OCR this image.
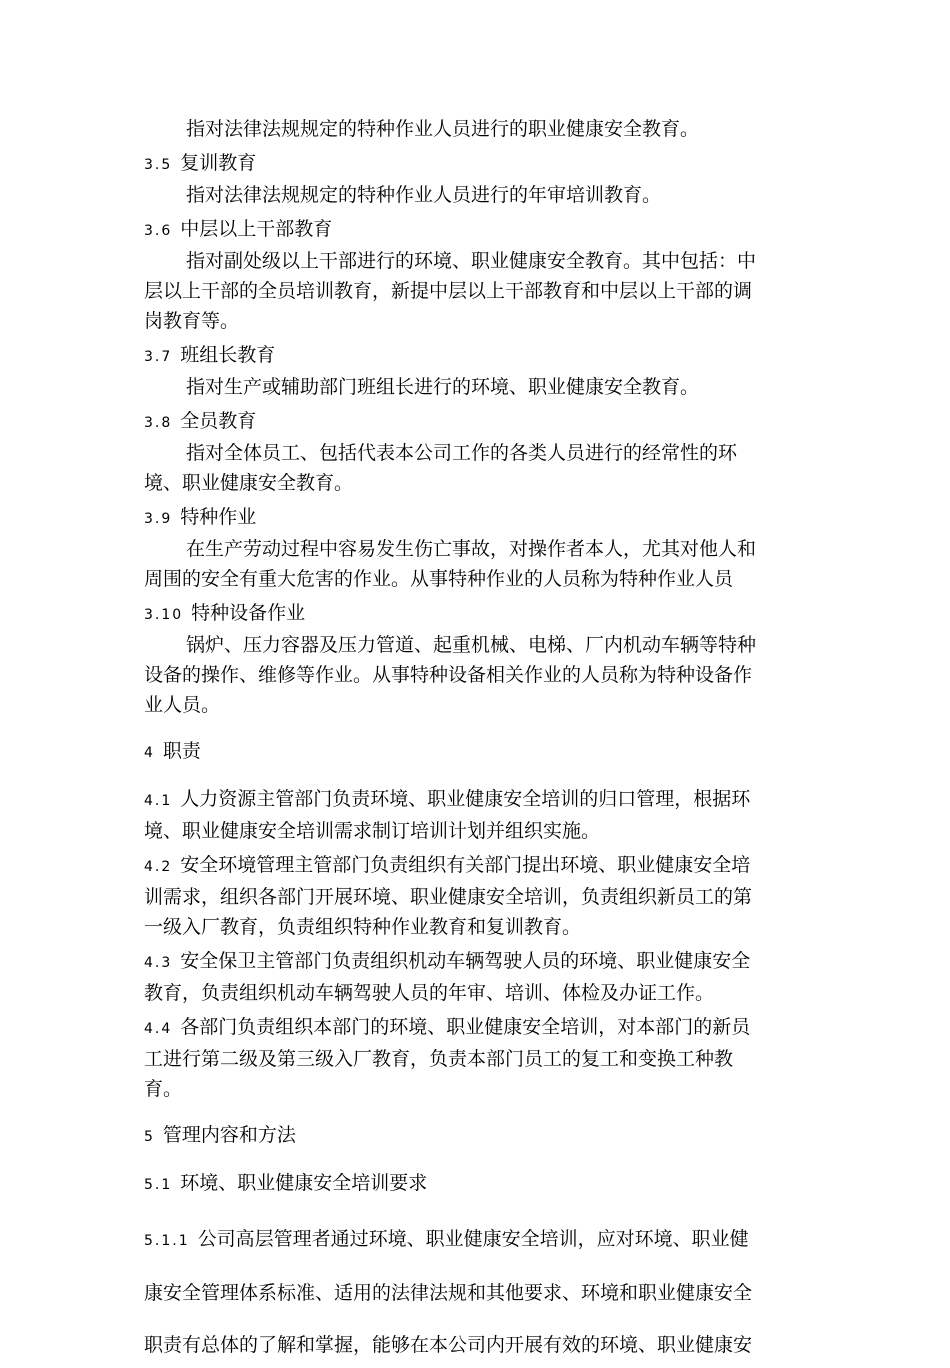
指对法律法规规定的特种作业人员进行的职业健康安全教育。

3.5 复训教育

指对法律法规规定的特种作业人员进行的年审培训教育。

3.6 中层以上干部教育

指对副处级以上干部进行的环境、职业健康安全教育。其中包括：中

层以上干部的全员培训教育，新提中层以上干部教育和中层以上干部的调

岗教育等。

3.7 班组长教育

指对生产或辅助部门班组长进行的环境、职业健康安全教育。

3.8 全员教育

指对全体员工、包括代表本公司工作的各类人员进行的经常性的环

境、职业健康安全教育。

3.9 特种作业

在生产劳动过程中容易发生伤亡事故，对操作者本人，尤其对他人和

周围的安全有重大危害的作业。从事特种作业的人员称为特种作业人员

3.10 特种设备作业

锅炉、压力容器及压力管道、起重机械、电梯、厂内机动车辆等特种

设备的操作、维修等作业。从事特种设备相关作业的人员称为特种设备作

业人员。

4 职责

4.1 人力资源主管部门负责环境、职业健康安全培训的归口管理，根据环

境、职业健康安全培训需求制订培训计划并组织实施。

4.2 安全环境管理主管部门负责组织有关部门提出环境、职业健康安全培

训需求，组织各部门开展环境、职业健康安全培训，负责组织新员工的第

一级入厂教育，负责组织特种作业教育和复训教育。

4.3 安全保卫主管部门负责组织机动车辆驾驶人员的环境、职业健康安全

教育，负责组织机动车辆驾驶人员的年审、培训、体检及办证工作。

4.4 各部门负责组织本部门的环境、职业健康安全培训，对本部门的新员

工进行第二级及第三级入厂教育，负责本部门员工的复工和变换工种教

育。

5 管理内容和方法

5.1 环境、职业健康安全培训要求

5.1.1 公司高层管理者通过环境、职业健康安全培训，应对环境、职业健

康安全管理体系标准、适用的法律法规和其他要求、环境和职业健康安全

职责有总体的了解和掌握，能够在本公司内开展有效的环境、职业健康安
